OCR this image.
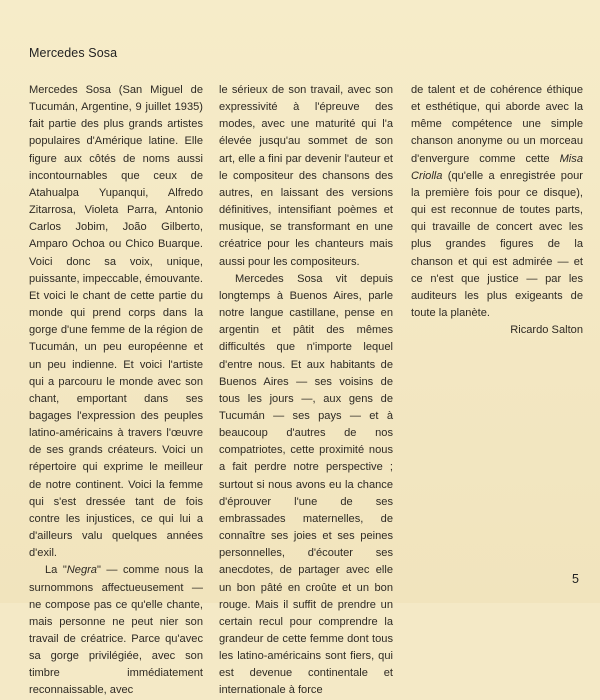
Mercedes Sosa

Mercedes Sosa (San Miguel de Tucumán, Argentine, 9 juillet 1935) fait partie des plus grands artistes populaires d'Amérique latine. Elle figure aux côtés de noms aussi incontournables que ceux de Atahualpa Yupanqui, Alfredo Zitarrosa, Violeta Parra, Antonio Carlos Jobim, João Gilberto, Amparo Ochoa ou Chico Buarque. Voici donc sa voix, unique, puissante, impeccable, émouvante. Et voici le chant de cette partie du monde qui prend corps dans la gorge d'une femme de la région de Tucumán, un peu européenne et un peu indienne. Et voici l'artiste qui a parcouru le monde avec son chant, emportant dans ses bagages l'expression des peuples latino-américains à travers l'œuvre de ses grands créateurs. Voici un répertoire qui exprime le meilleur de notre continent. Voici la femme qui s'est dressée tant de fois contre les injustices, ce qui lui a d'ailleurs valu quelques années d'exil.

La "Negra" — comme nous la surnommons affectueusement — ne compose pas ce qu'elle chante, mais personne ne peut nier son travail de créatrice. Parce qu'avec sa gorge privilégiée, avec son timbre immédiatement reconnaissable, avec

le sérieux de son travail, avec son expressivité à l'épreuve des modes, avec une maturité qui l'a élevée jusqu'au sommet de son art, elle a fini par devenir l'auteur et le compositeur des chansons des autres, en laissant des versions définitives, intensifiant poèmes et musique, se transformant en une créatrice pour les chanteurs mais aussi pour les compositeurs.

Mercedes Sosa vit depuis longtemps à Buenos Aires, parle notre langue castillane, pense en argentin et pâtit des mêmes difficultés que n'importe lequel d'entre nous. Et aux habitants de Buenos Aires — ses voisins de tous les jours —, aux gens de Tucumán — ses pays — et à beaucoup d'autres de nos compatriotes, cette proximité nous a fait perdre notre perspective ; surtout si nous avons eu la chance d'éprouver l'une de ses embrassades maternelles, de connaître ses joies et ses peines personnelles, d'écouter ses anecdotes, de partager avec elle un bon pâté en croûte et un bon rouge. Mais il suffit de prendre un certain recul pour comprendre la grandeur de cette femme dont tous les latino-américains sont fiers, qui est devenue continentale et internationale à force

de talent et de cohérence éthique et esthétique, qui aborde avec la même compétence une simple chanson anonyme ou un morceau d'envergure comme cette Misa Criolla (qu'elle a enregistrée pour la première fois pour ce disque), qui est reconnue de toutes parts, qui travaille de concert avec les plus grandes figures de la chanson et qui est admirée — et ce n'est que justice — par les auditeurs les plus exigeants de toute la planète.

Ricardo Salton
5
